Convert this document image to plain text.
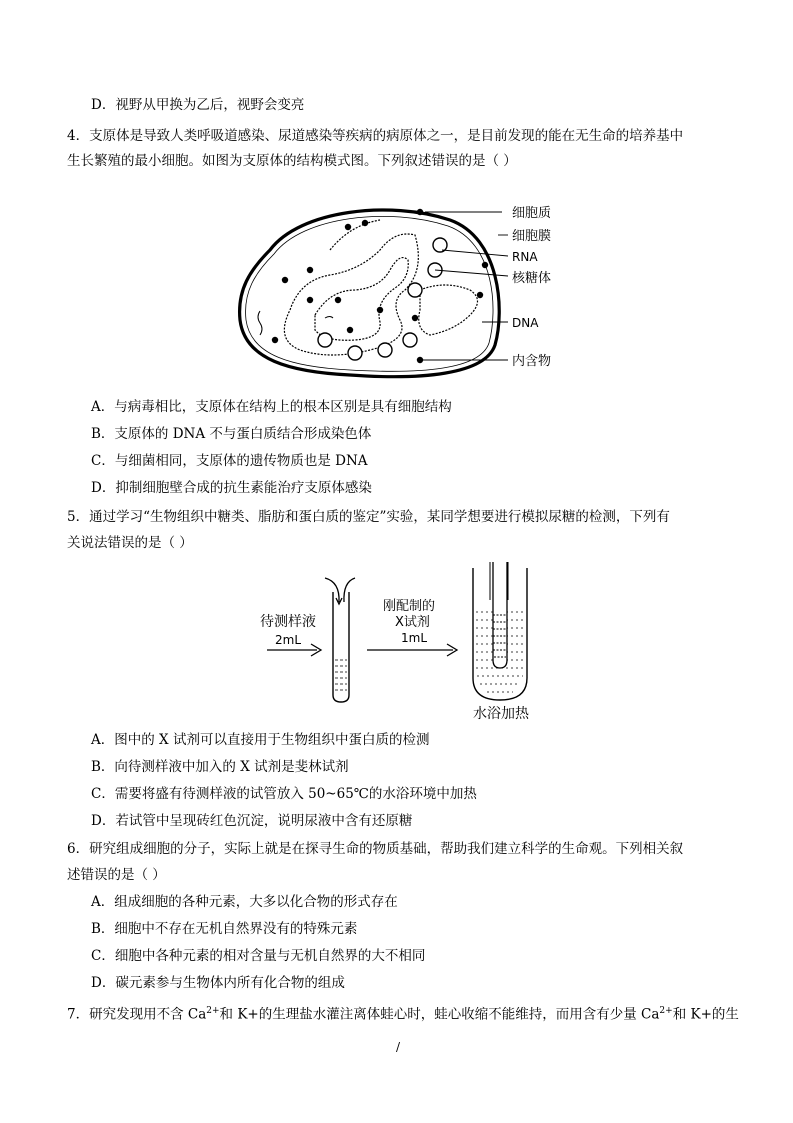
D．视野从甲换为乙后，视野会变亮
4．支原体是导致人类呼吸道感染、尿道感染等疾病的病原体之一，是目前发现的能在无生命的培养基中
生长繁殖的最小细胞。如图为支原体的结构模式图。下列叙述错误的是（ ）
细胞质
细胞膜
RNA
核糖体
DNA
内含物
A．与病毒相比，支原体在结构上的根本区别是具有细胞结构
B．支原体的 DNA 不与蛋白质结合形成染色体
C．与细菌相同，支原体的遗传物质也是 DNA
D．抑制细胞壁合成的抗生素能治疗支原体感染
5．通过学习“生物组织中糖类、脂肪和蛋白质的鉴定”实验，某同学想要进行模拟尿糖的检测，下列有
关说法错误的是（ ）
待测样液
2mL
刚配制的
X试剂
1mL
水浴加热
A．图中的 X 试剂可以直接用于生物组织中蛋白质的检测
B．向待测样液中加入的 X 试剂是斐林试剂
C．需要将盛有待测样液的试管放入 50~65℃的水浴环境中加热
D．若试管中呈现砖红色沉淀，说明尿液中含有还原糖
6．研究组成细胞的分子，实际上就是在探寻生命的物质基础，帮助我们建立科学的生命观。下列相关叙
述错误的是（ ）
A．组成细胞的各种元素，大多以化合物的形式存在
B．细胞中不存在无机自然界没有的特殊元素
C．细胞中各种元素的相对含量与无机自然界的大不相同
D．碳元素参与生物体内所有化合物的组成
7．研究发现用不含 $Ca^{2+}$和 K+的生理盐水灌注离体蛙心时，蛙心收缩不能维持，而用含有少量 $Ca^{2+}$和 K+的生
/
